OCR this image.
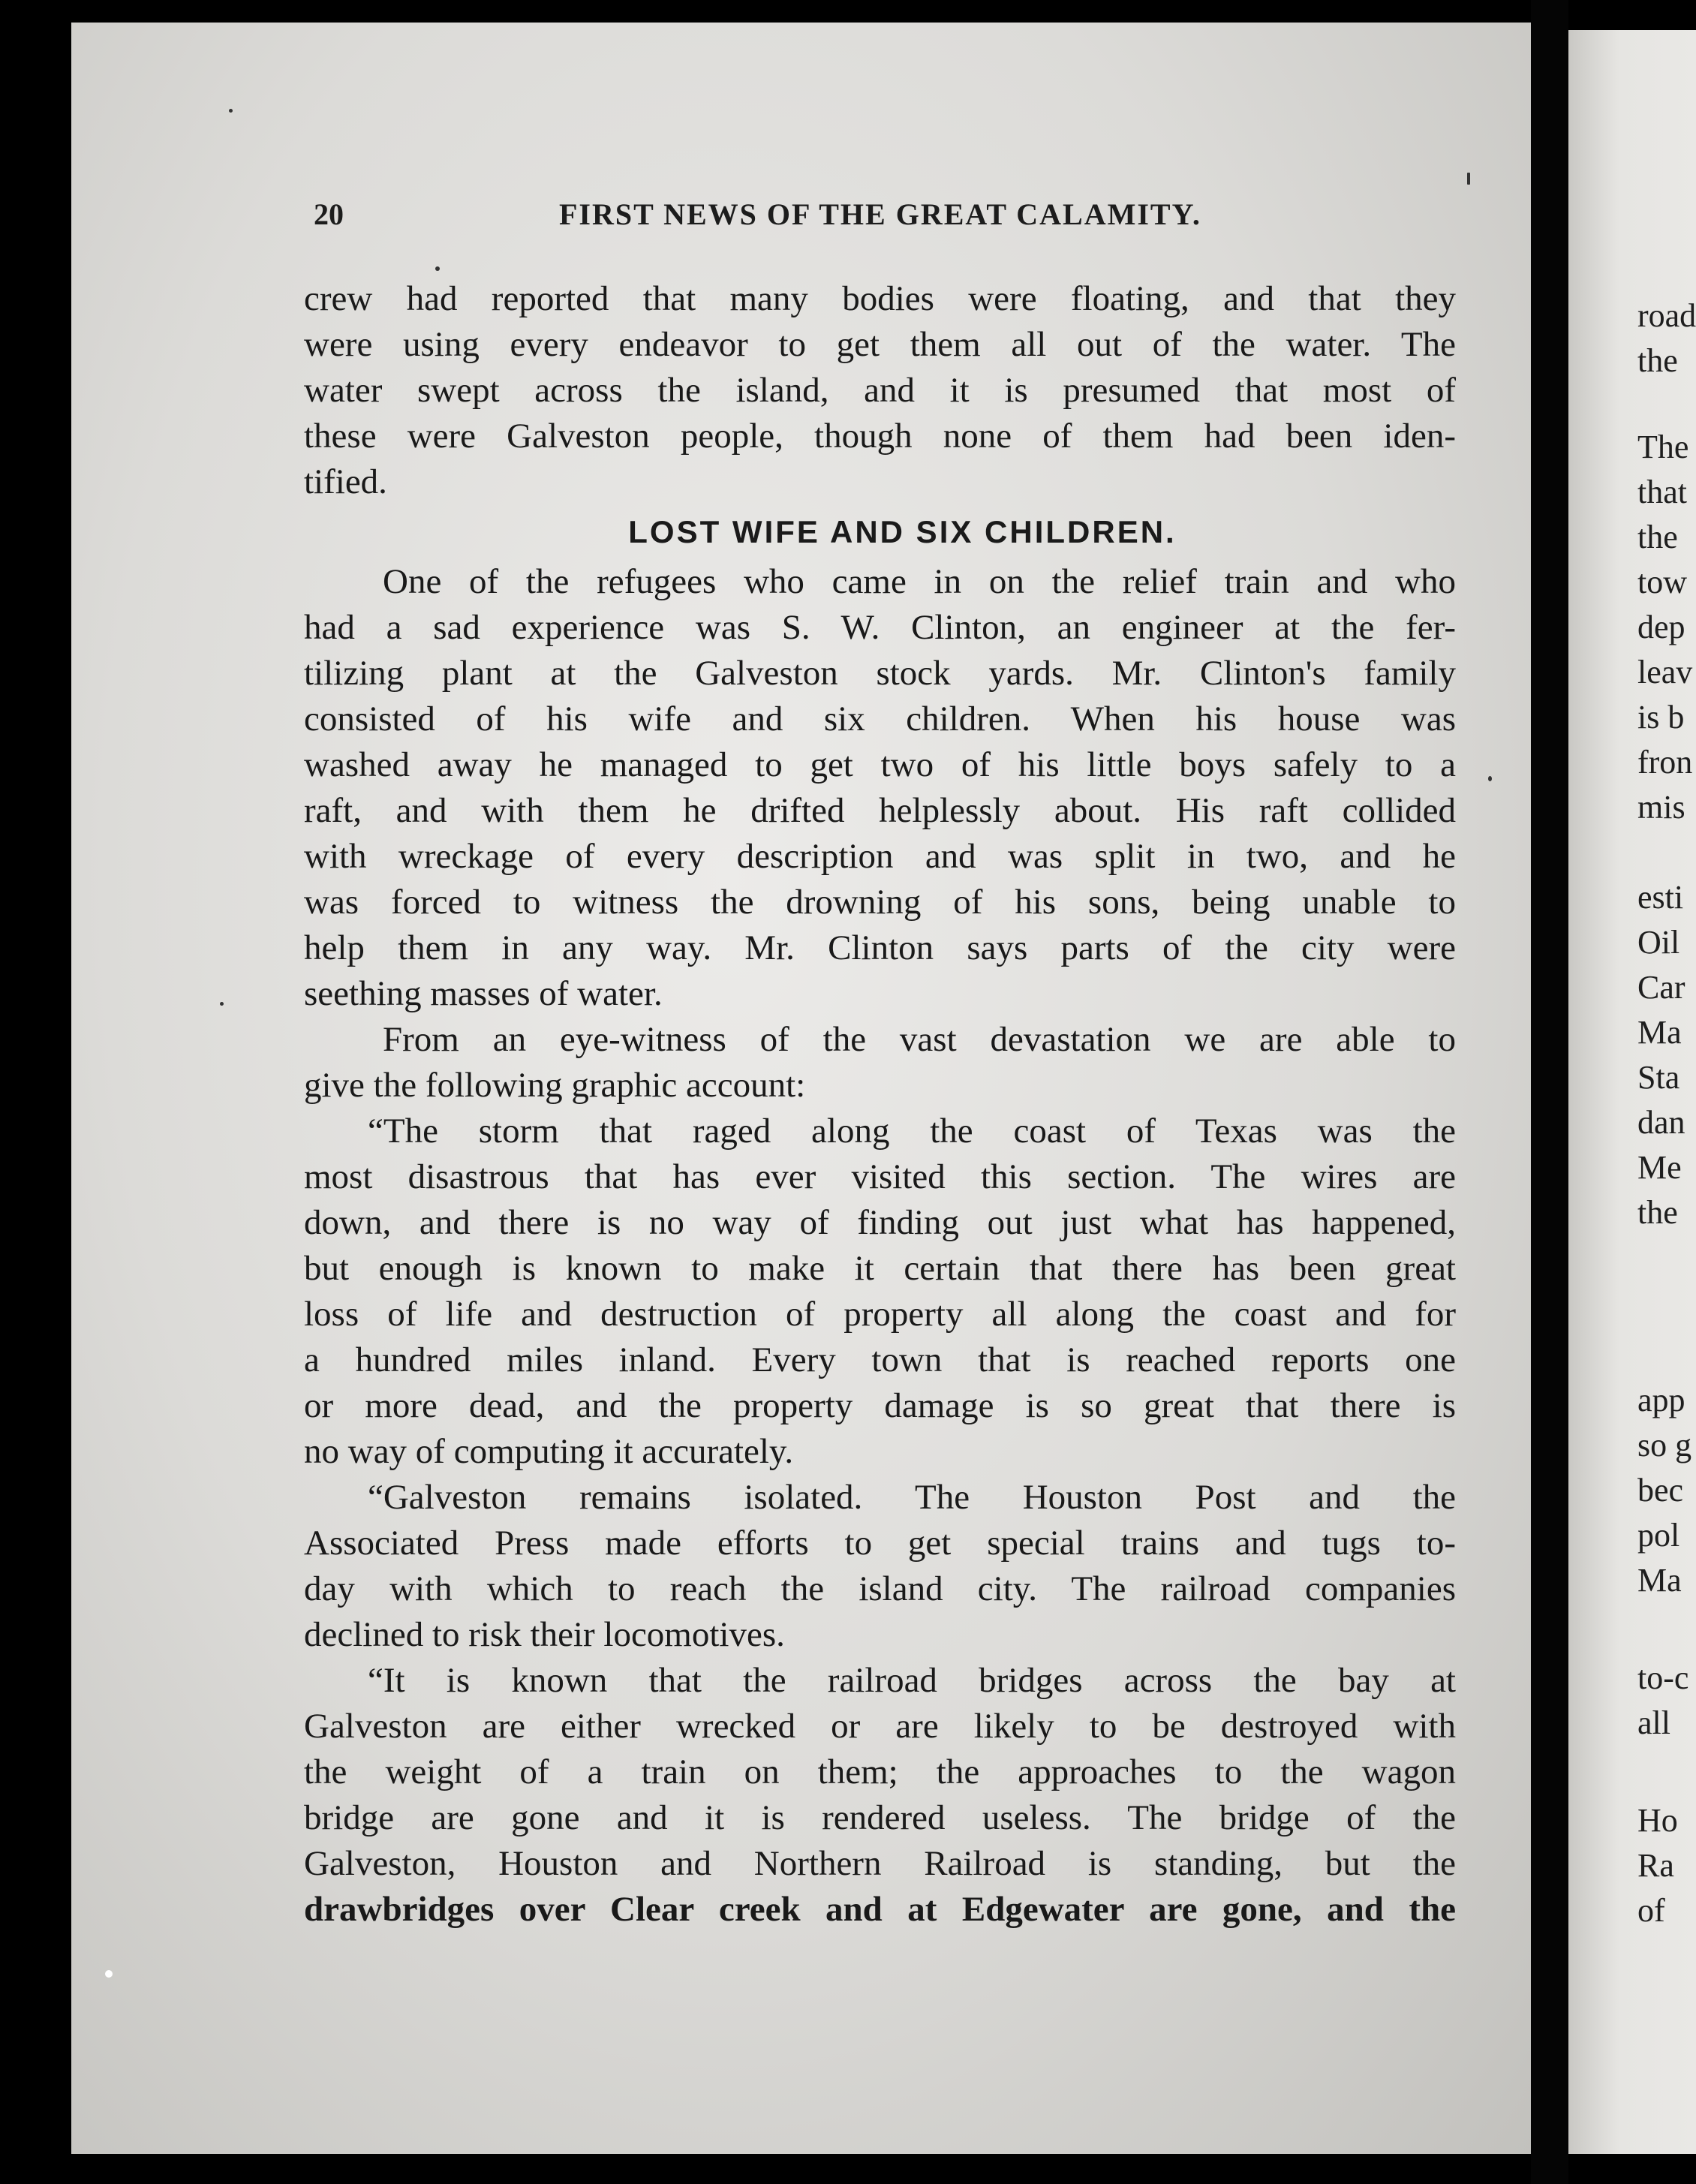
road
the
The
that
the
tow
dep
leav
is b
fron
mis
esti
Oil
Car
Ma
Sta
dan
Me
the
app
so g
bec
pol
Ma
to-c
all
Ho
Ra
of
20	FIRST NEWS OF THE GREAT CALAMITY.
crew had reported that many bodies were floating, and that they
were using every endeavor to get them all out of the water. The
water swept across the island, and it is presumed that most of
these were Galveston people, though none of them had been iden-
tified.
LOST WIFE AND SIX CHILDREN.
One of the refugees who came in on the relief train and who
had a sad experience was S. W. Clinton, an engineer at the fer-
tilizing plant at the Galveston stock yards. Mr. Clinton's family
consisted of his wife and six children. When his house was
washed away he managed to get two of his little boys safely to a
raft, and with them he drifted helplessly about. His raft collided
with wreckage of every description and was split in two, and he
was forced to witness the drowning of his sons, being unable to
help them in any way. Mr. Clinton says parts of the city were
seething masses of water.
From an eye-witness of the vast devastation we are able to
give the following graphic account:
“The storm that raged along the coast of Texas was the
most disastrous that has ever visited this section. The wires are
down, and there is no way of finding out just what has happened,
but enough is known to make it certain that there has been great
loss of life and destruction of property all along the coast and for
a hundred miles inland. Every town that is reached reports one
or more dead, and the property damage is so great that there is
no way of computing it accurately.
“Galveston remains isolated. The Houston Post and the
Associated Press made efforts to get special trains and tugs to-
day with which to reach the island city. The railroad companies
declined to risk their locomotives.
“It is known that the railroad bridges across the bay at
Galveston are either wrecked or are likely to be destroyed with
the weight of a train on them; the approaches to the wagon
bridge are gone and it is rendered useless. The bridge of the
Galveston, Houston and Northern Railroad is standing, but the
drawbridges over Clear creek and at Edgewater are gone, and the
